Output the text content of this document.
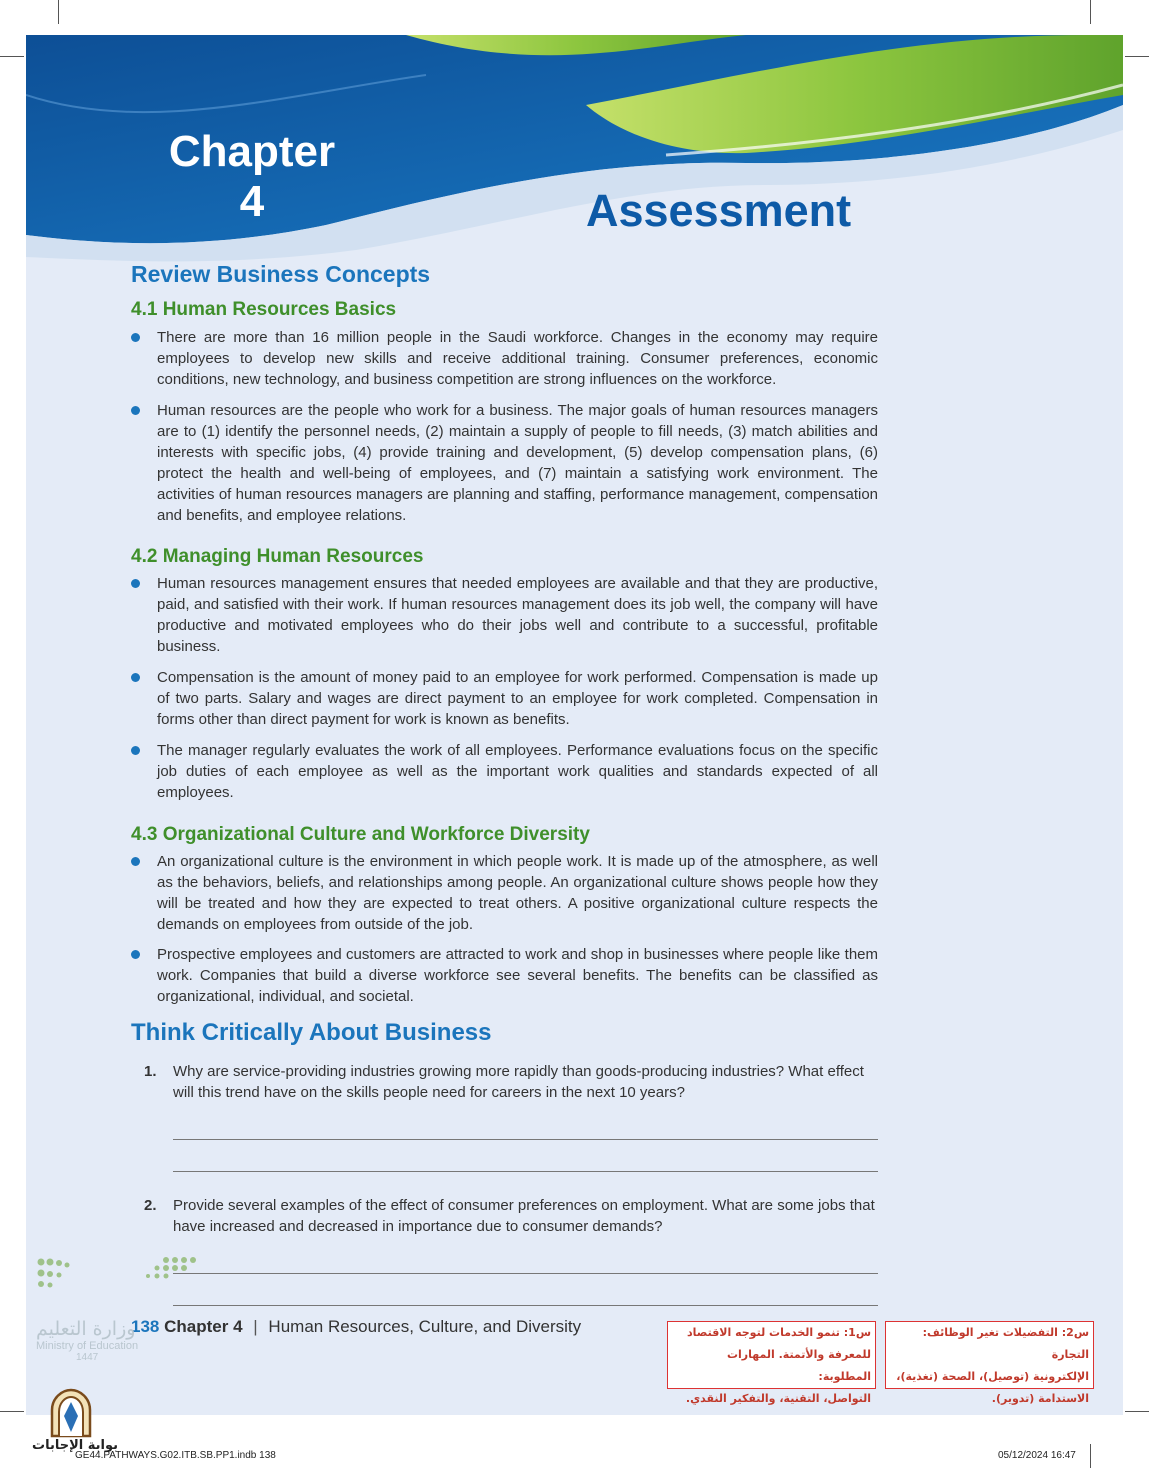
Chapter
4	Assessment
Review Business Concepts
4.1 Human Resources Basics
There are more than 16 million people in the Saudi workforce. Changes in the economy may require employees to develop new skills and receive additional training. Consumer preferences, economic conditions, new technology, and business competition are strong influences on the workforce.
Human resources are the people who work for a business. The major goals of human resources managers are to (1) identify the personnel needs, (2) maintain a supply of people to fill needs, (3) match abilities and interests with specific jobs, (4) provide training and development, (5) develop compensation plans, (6) protect the health and well-being of employees, and (7) maintain a satisfying work environment. The activities of human resources managers are planning and staffing, performance management, compensation and benefits, and employee relations.
4.2 Managing Human Resources
Human resources management ensures that needed employees are available and that they are productive, paid, and satisfied with their work. If human resources management does its job well, the company will have productive and motivated employees who do their jobs well and contribute to a successful, profitable business.
Compensation is the amount of money paid to an employee for work performed. Compensation is made up of two parts. Salary and wages are direct payment to an employee for work completed. Compensation in forms other than direct payment for work is known as benefits.
The manager regularly evaluates the work of all employees. Performance evaluations focus on the specific job duties of each employee as well as the important work qualities and standards expected of all employees.
4.3 Organizational Culture and Workforce Diversity
An organizational culture is the environment in which people work. It is made up of the atmosphere, as well as the behaviors, beliefs, and relationships among people. An organizational culture shows people how they will be treated and how they are expected to treat others. A positive organizational culture respects the demands on employees from outside of the job.
Prospective employees and customers are attracted to work and shop in businesses where people like them work. Companies that build a diverse workforce see several benefits. The benefits can be classified as organizational, individual, and societal.
Think Critically About Business
1. Why are service-providing industries growing more rapidly than goods-producing industries? What effect will this trend have on the skills people need for careers in the next 10 years?
2. Provide several examples of the effect of consumer preferences on employment. What are some jobs that have increased and decreased in importance due to consumer demands?
138 Chapter 4 | Human Resources, Culture, and Diversity
وزارة التعليم
Ministry of Education
1447
س1: تنمو الخدمات لتوجه الاقتصاد
للمعرفة والأتمتة. المهارات المطلوبة:
التواصل، التقنية، والتفكير النقدي.
س2: التفضيلات تغير الوظائف: التجارة
الإلكترونية (توصيل)، الصحة (تغذية)،
الاستدامة (تدوير).
بوابة الإجابات
GE44.PATHWAYS.G02.ITB.SB.PP1.indb 138	05/12/2024 16:47
